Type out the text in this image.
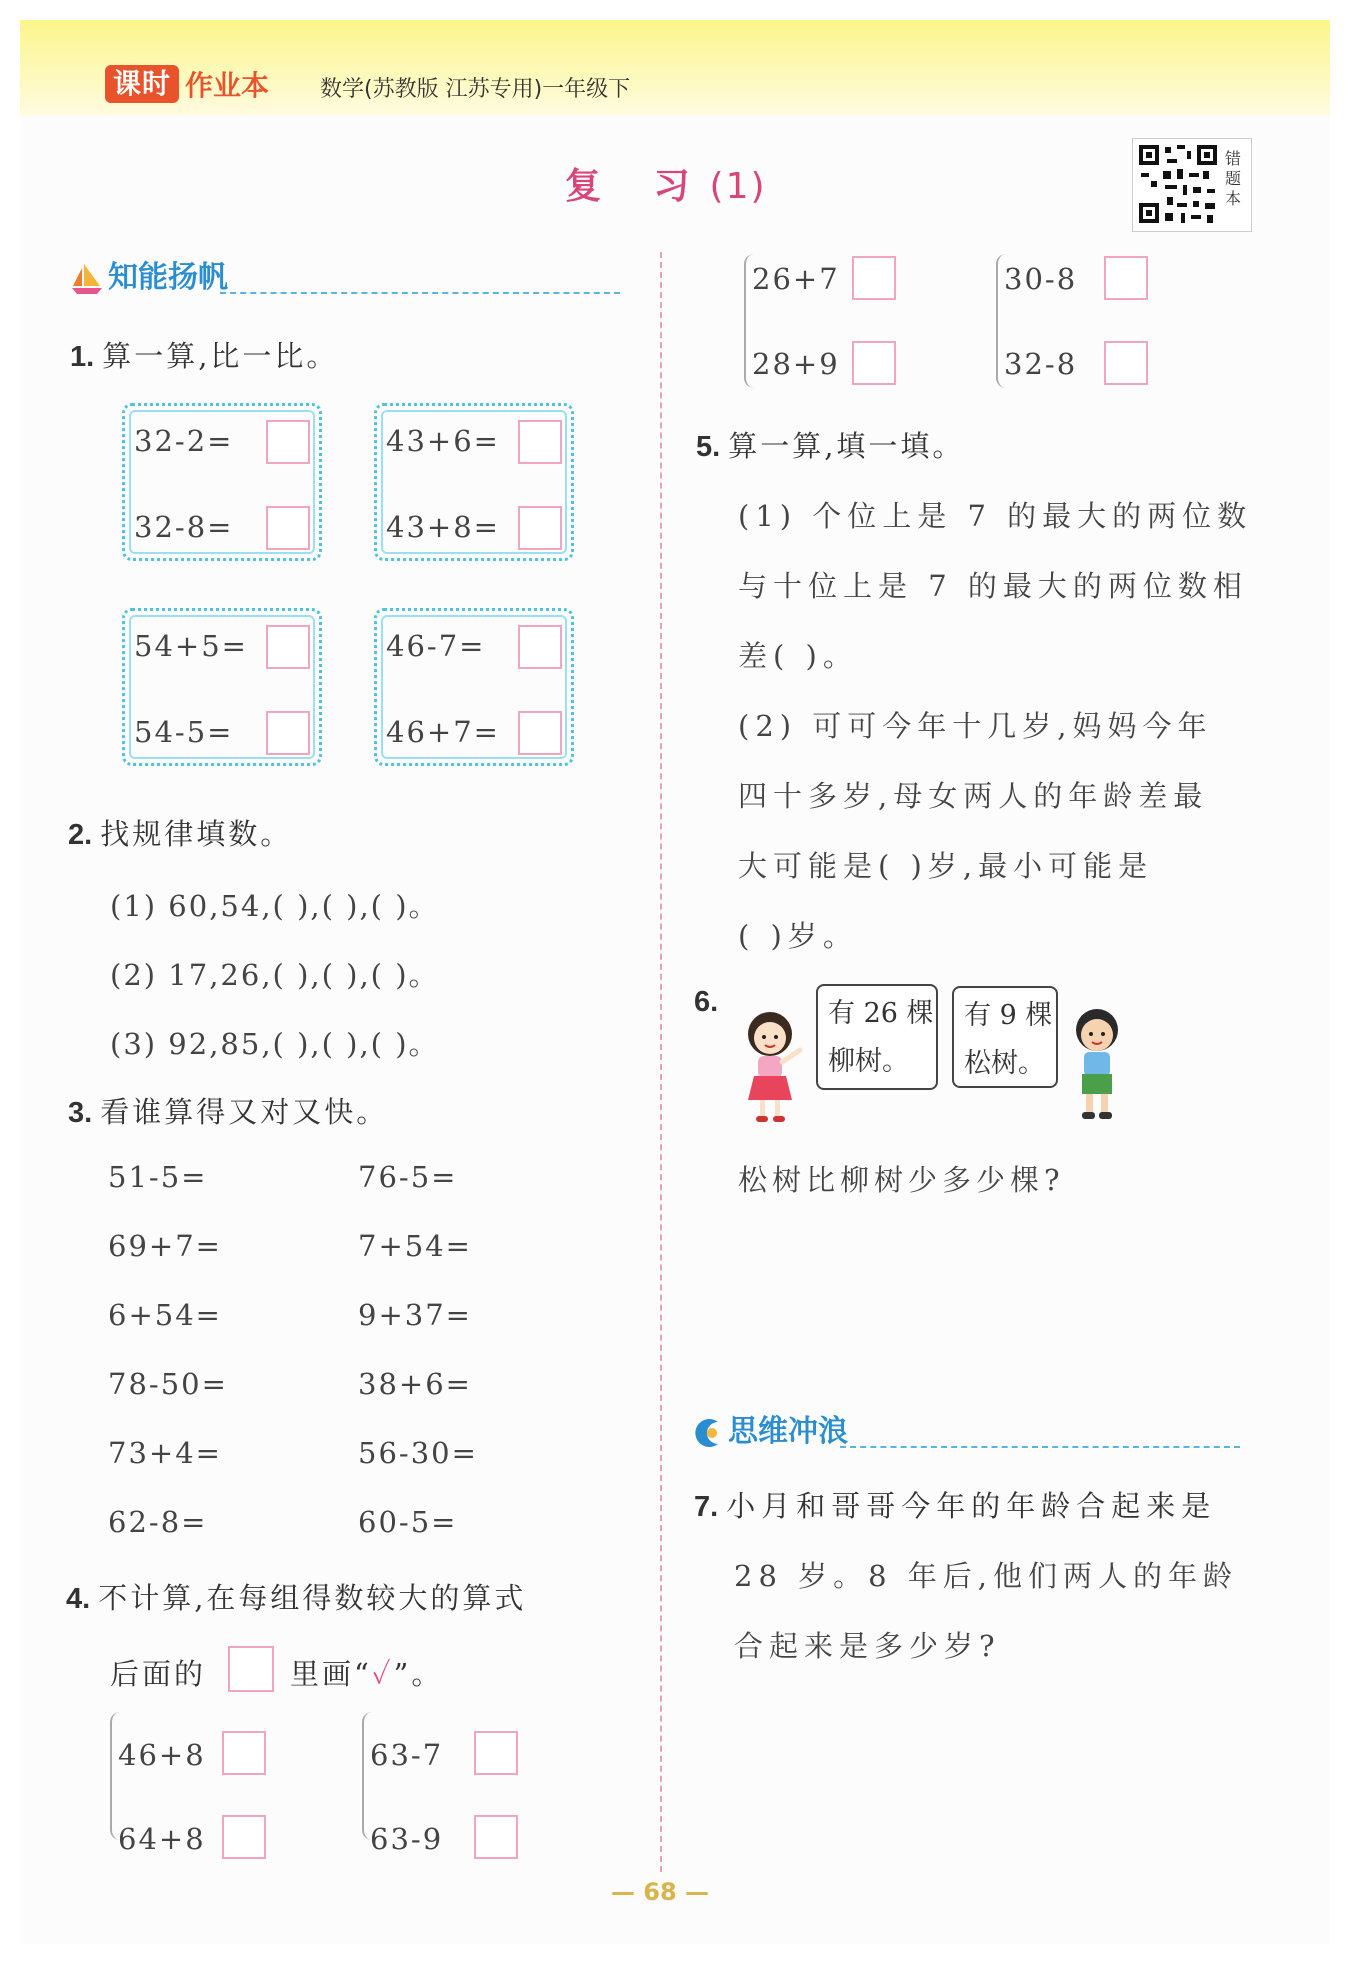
课时 作业本 数学(苏教版 江苏专用)一年级下
复 习(1)
错题本
知能扬帆
1. 算一算,比一比。
32-2=
32-8=
43+6=
43+8=
54+5=
54-5=
46-7=
46+7=
2. 找规律填数。
(1) 60,54,( ),( ),( )。
(2) 17,26,( ),( ),( )。
(3) 92,85,( ),( ),( )。
3. 看谁算得又对又快。
51-5=	76-5=
69+7=	7+54=
6+54=	9+37=
78-50=	38+6=
73+4=	56-30=
62-8=	60-5=
4. 不计算,在每组得数较大的算式
后面的	里画“✓”。
46+8
64+8
63-7
63-9
26+7
28+9
30-8
32-8
5. 算一算,填一填。
(1) 个位上是 7 的最大的两位数
与十位上是 7 的最大的两位数相
差( )。
(2) 可可今年十几岁,妈妈今年
四十多岁,母女两人的年龄差最
大可能是( )岁,最小可能是
( )岁。
6.	有 26 棵
柳树。
有 9 棵
松树。
松树比柳树少多少棵?
思维冲浪
7. 小月和哥哥今年的年龄合起来是
28 岁。8 年后,他们两人的年龄
合起来是多少岁?
— 68 —
